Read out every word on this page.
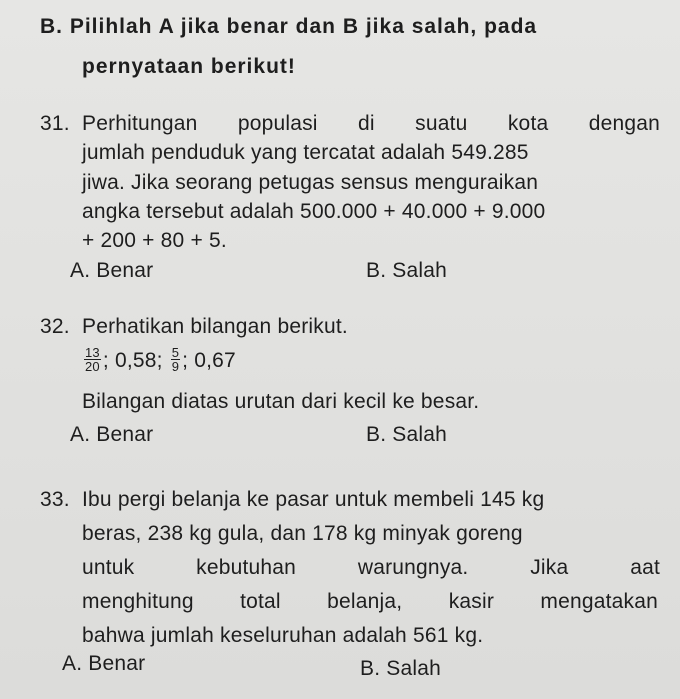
B. Pilihlah A jika benar dan B jika salah, pada
pernyataan berikut!
31. Perhitungan populasi di suatu kota dengan
jumlah penduduk yang tercatat adalah 549.285
jiwa. Jika seorang petugas sensus menguraikan
angka tersebut adalah 500.000 + 40.000 + 9.000
+ 200 + 80 + 5.
A. Benar	B. Salah
32. Perhatikan bilangan berikut.
$\frac{13}{20}$ ; 0,58; $\frac{5}{9}$ ; 0,67
Bilangan diatas urutan dari kecil ke besar.
A. Benar	B. Salah
33. Ibu pergi belanja ke pasar untuk membeli 145 kg
beras, 238 kg gula, dan 178 kg minyak goreng
untuk	kebutuhan	warungnya.	Jika	aat
menghitung total belanja, kasir mengatakan
bahwa jumlah keseluruhan adalah 561 kg.
A. Benar	B. Salah
